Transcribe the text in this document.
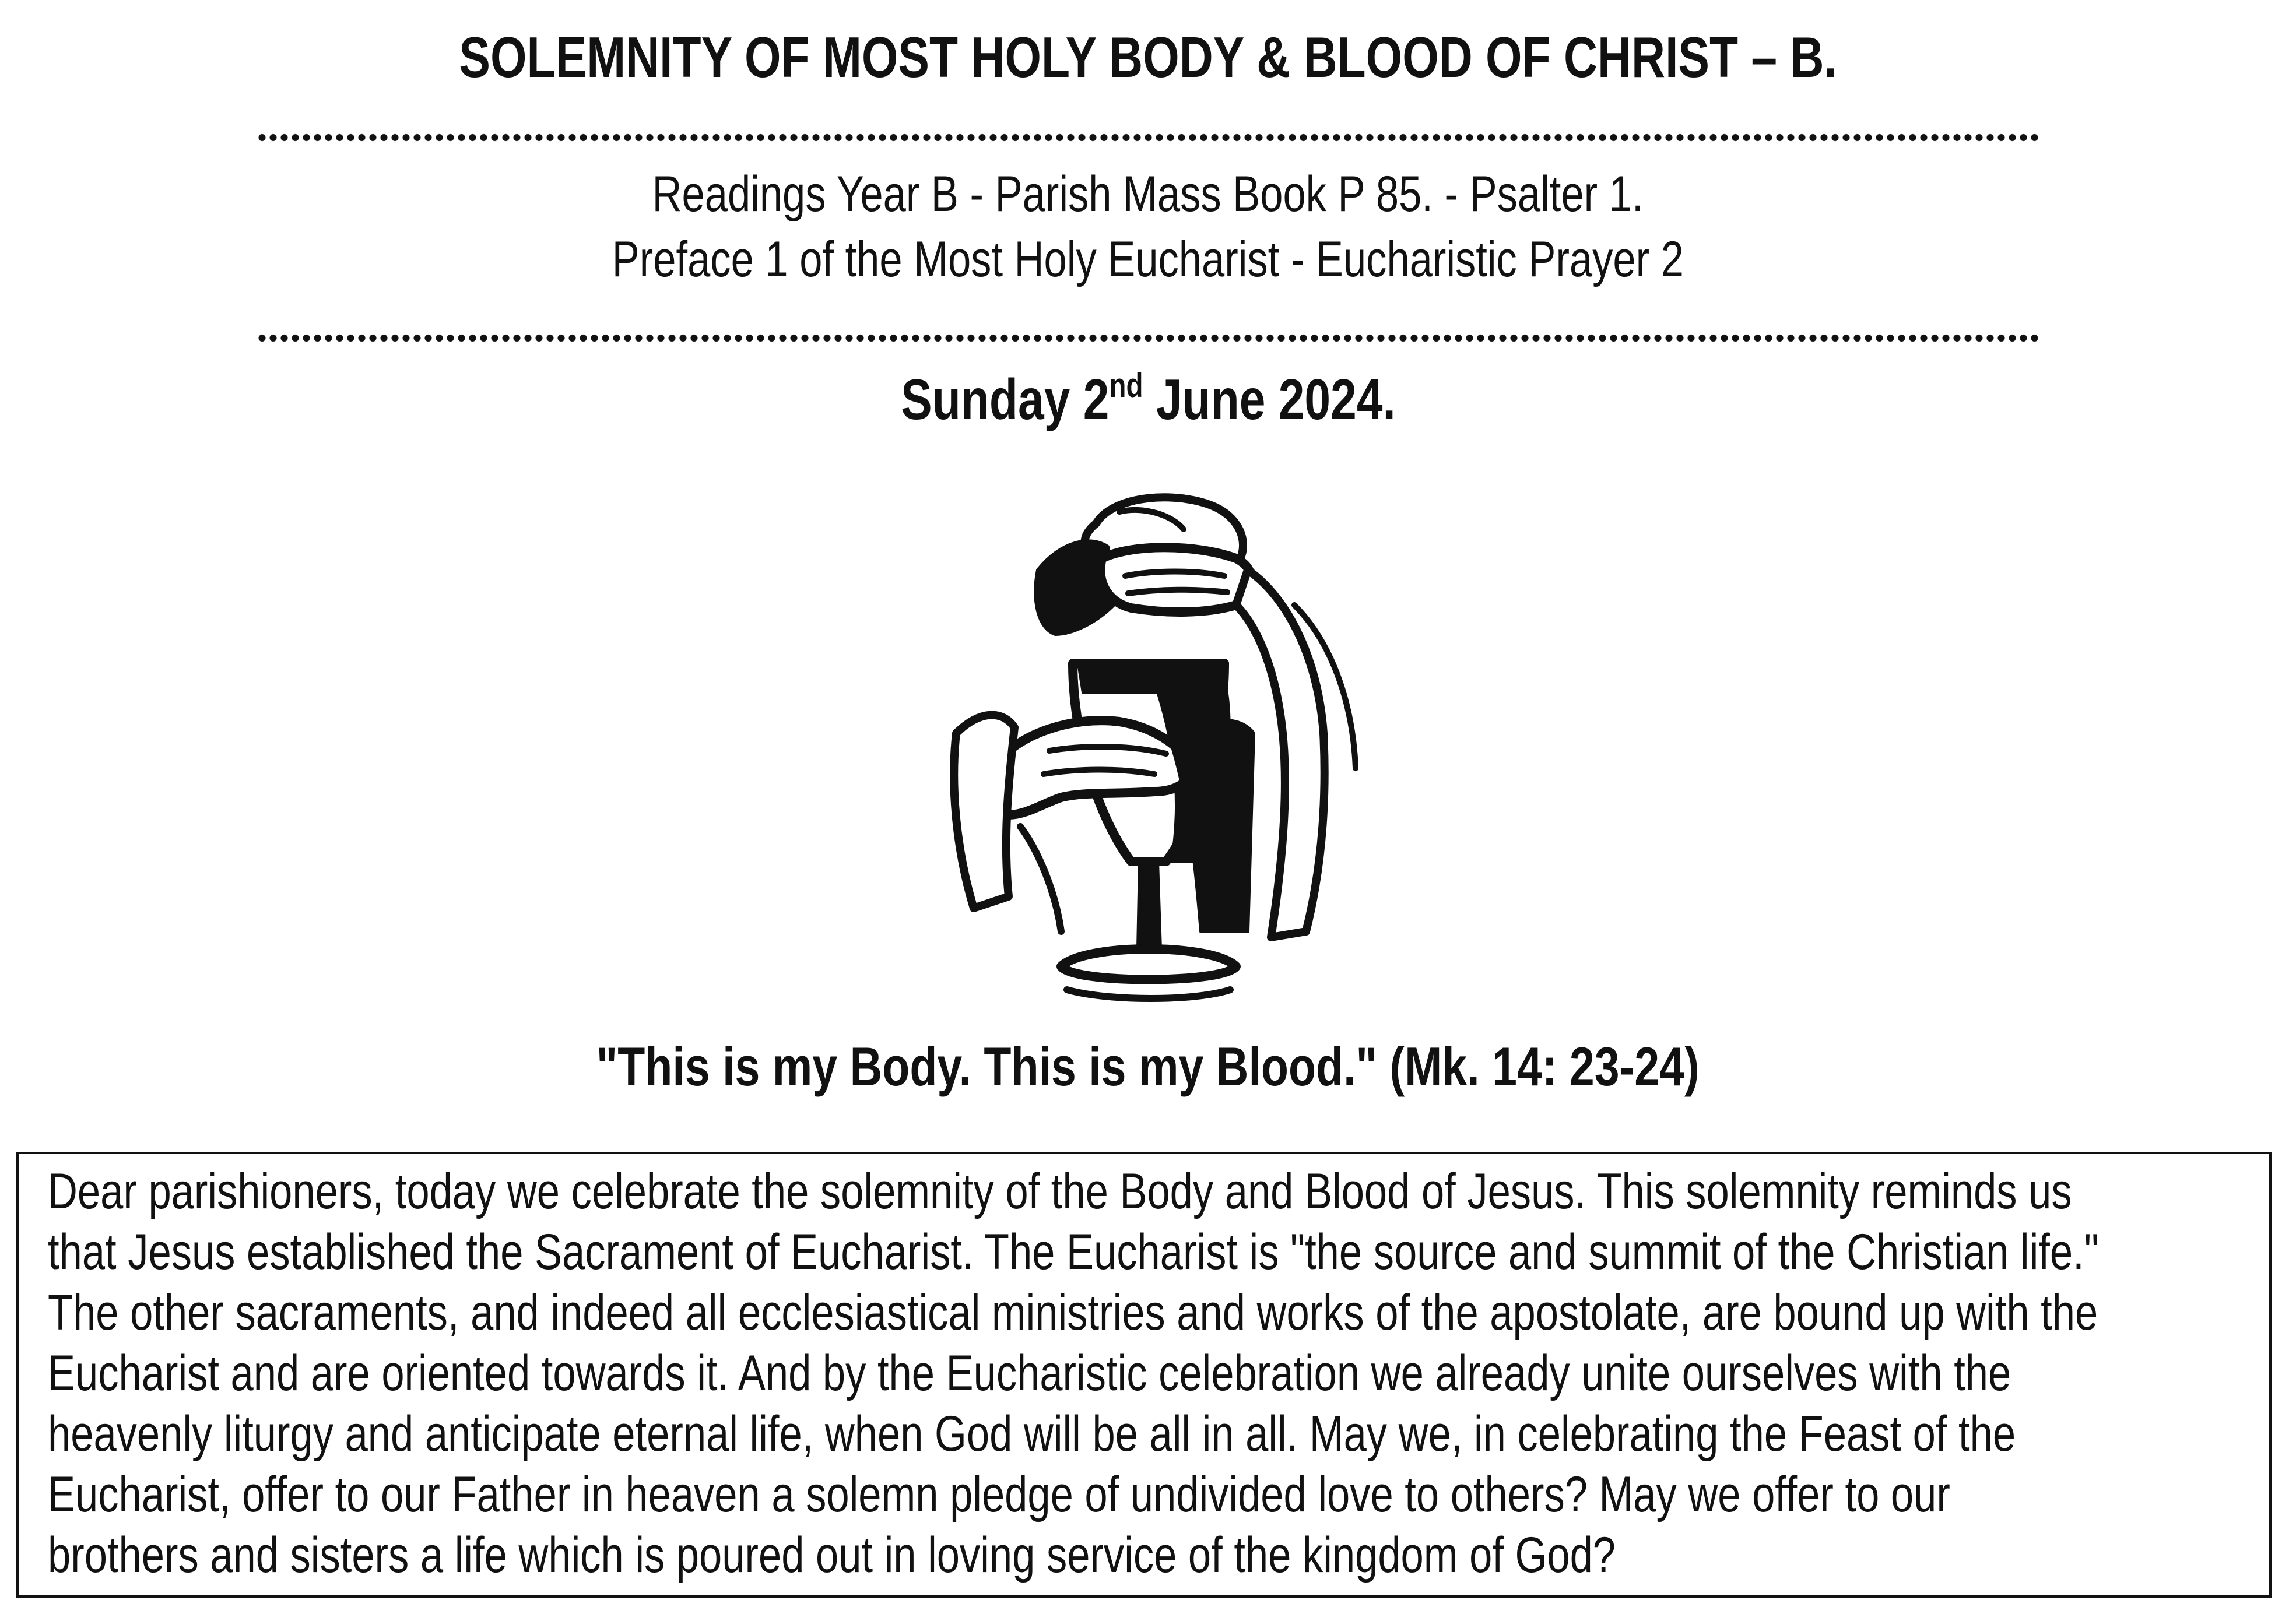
SOLEMNITY OF MOST HOLY BODY & BLOOD OF CHRIST – B.
Readings Year B - Parish Mass Book P 85. - Psalter 1.
Preface 1 of the Most Holy Eucharist - Eucharistic Prayer 2
Sunday 2nd June 2024.
"This is my Body. This is my Blood." (Mk. 14: 23-24)
Dear parishioners, today we celebrate the solemnity of the Body and Blood of Jesus. This solemnity reminds us
that Jesus established the Sacrament of Eucharist. The Eucharist is "the source and summit of the Christian life."
The other sacraments, and indeed all ecclesiastical ministries and works of the apostolate, are bound up with the
Eucharist and are oriented towards it. And by the Eucharistic celebration we already unite ourselves with the
heavenly liturgy and anticipate eternal life, when God will be all in all. May we, in celebrating the Feast of the
Eucharist, offer to our Father in heaven a solemn pledge of undivided love to others? May we offer to our
brothers and sisters a life which is poured out in loving service of the kingdom of God?
